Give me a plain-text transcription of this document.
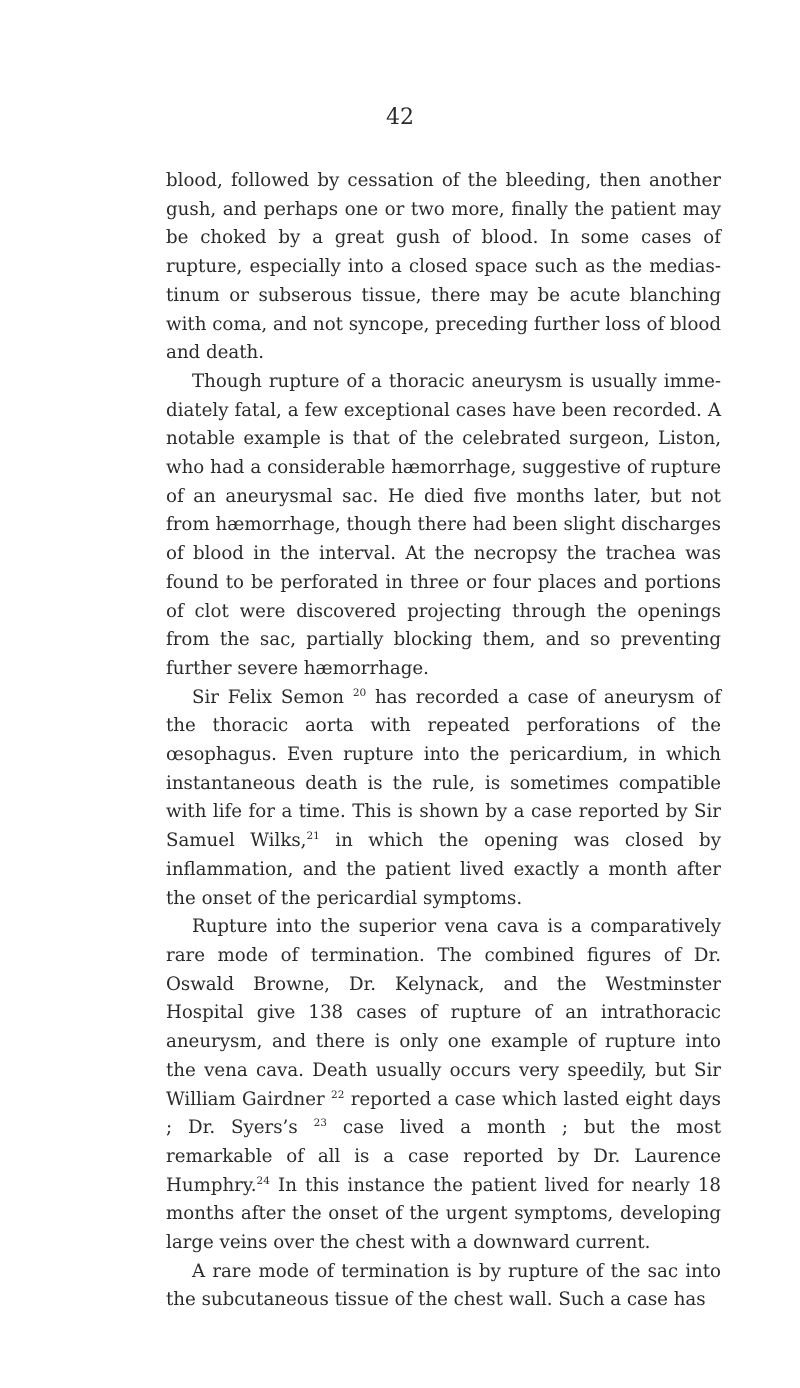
42

blood, followed by cessation of the bleeding, then another gush, and perhaps one or two more, finally the patient may be choked by a great gush of blood. In some cases of rupture, especially into a closed space such as the medias-tinum or subserous tissue, there may be acute blanching with coma, and not syncope, preceding further loss of blood and death.

Though rupture of a thoracic aneurysm is usually imme-diately fatal, a few exceptional cases have been recorded. A notable example is that of the celebrated surgeon, Liston, who had a considerable hæmorrhage, suggestive of rupture of an aneurysmal sac. He died five months later, but not from hæmorrhage, though there had been slight discharges of blood in the interval. At the necropsy the trachea was found to be perforated in three or four places and portions of clot were discovered projecting through the openings from the sac, partially blocking them, and so preventing further severe hæmorrhage.

Sir Felix Semon $^{20}$ has recorded a case of aneurysm of the thoracic aorta with repeated perforations of the œsophagus. Even rupture into the pericardium, in which instantaneous death is the rule, is sometimes compatible with life for a time. This is shown by a case reported by Sir Samuel Wilks,$^{21}$ in which the opening was closed by inflammation, and the patient lived exactly a month after the onset of the pericardial symptoms.

Rupture into the superior vena cava is a comparatively rare mode of termination. The combined figures of Dr. Oswald Browne, Dr. Kelynack, and the Westminster Hospital give 138 cases of rupture of an intrathoracic aneurysm, and there is only one example of rupture into the vena cava. Death usually occurs very speedily, but Sir William Gairdner $^{22}$ reported a case which lasted eight days ; Dr. Syers’s $^{23}$ case lived a month ; but the most remarkable of all is a case reported by Dr. Laurence Humphry.$^{24}$ In this instance the patient lived for nearly 18 months after the onset of the urgent symptoms, developing large veins over the chest with a downward current.

A rare mode of termination is by rupture of the sac into the subcutaneous tissue of the chest wall. Such a case has
